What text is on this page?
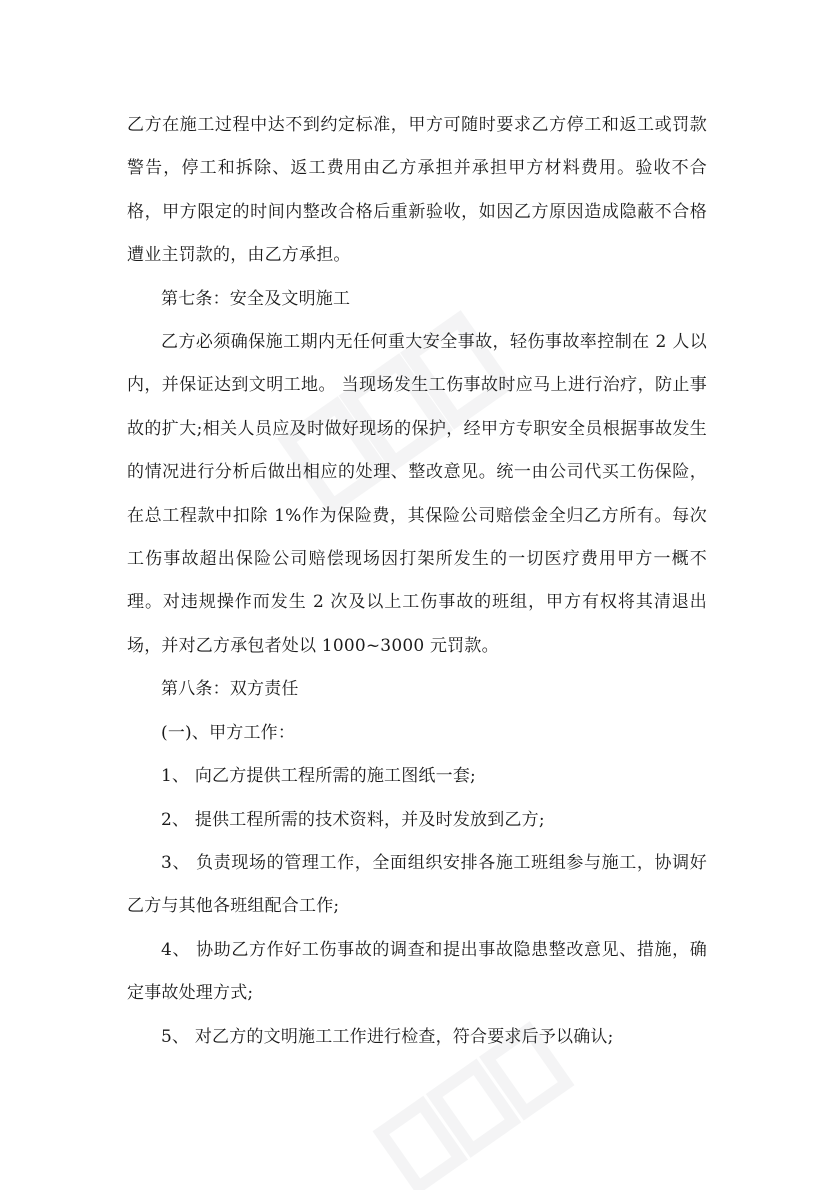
乙方在施工过程中达不到约定标准，甲方可随时要求乙方停工和返工或罚款警告，停工和拆除、返工费用由乙方承担并承担甲方材料费用。验收不合格，甲方限定的时间内整改合格后重新验收，如因乙方原因造成隐蔽不合格遭业主罚款的，由乙方承担。

第七条：安全及文明施工

乙方必须确保施工期内无任何重大安全事故，轻伤事故率控制在 2 人以内，并保证达到文明工地。 当现场发生工伤事故时应马上进行治疗，防止事故的扩大;相关人员应及时做好现场的保护，经甲方专职安全员根据事故发生的情况进行分析后做出相应的处理、整改意见。统一由公司代买工伤保险，在总工程款中扣除 1%作为保险费，其保险公司赔偿金全归乙方所有。每次工伤事故超出保险公司赔偿现场因打架所发生的一切医疗费用甲方一概不理。对违规操作而发生 2 次及以上工伤事故的班组，甲方有权将其清退出场，并对乙方承包者处以 1000~3000 元罚款。

第八条：双方责任

(一)、甲方工作：

1、 向乙方提供工程所需的施工图纸一套;

2、 提供工程所需的技术资料，并及时发放到乙方;

3、 负责现场的管理工作，全面组织安排各施工班组参与施工，协调好乙方与其他各班组配合工作;

4、 协助乙方作好工伤事故的调查和提出事故隐患整改意见、措施，确定事故处理方式;

5、 对乙方的文明施工工作进行检查，符合要求后予以确认;
